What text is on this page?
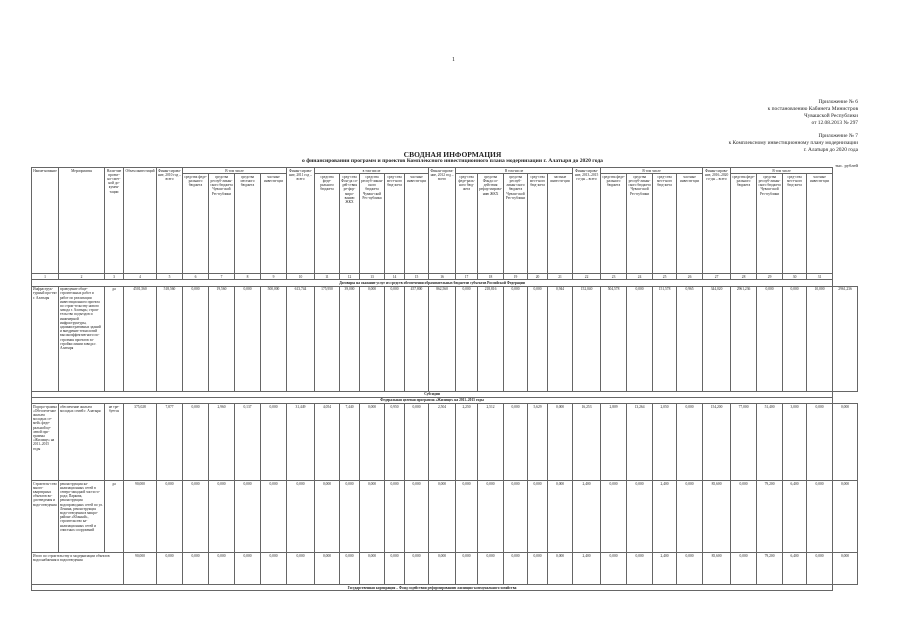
1
Приложение № 6
к постановлению Кабинета Министров
Чувашской Республики
от 12.08.2013 № 297
Приложение № 7
к Комплексному инвестиционному плану модернизации
г. Алатыря до 2020 года
СВОДНАЯ ИНФОРМАЦИЯ
о финансировании программ и проектов Комплексного инвестиционного плана модернизации г. Алатыря до 2020 года
тыс. рублей
Наиме-нование	Мероприятия	Нали-чие проект-но-смет-ной до-кумен-тации	Объем инвестиций	Финан-сирова-ние, 2010 год – всего	В том числе				Финан-сирова-ние, 2011 год – всего	в том числе					Финан-сирова-ние, 2012 год – всего	В том числе					Финан-сирова-ние, 2013–2015 го-ды – всего	В том числе				Финан-сирова-ние, 2016–2020 го-ды – всего	В том числе				
					средства феде-рального бюджета	средства респуб-ликан-ского бюджета Чуваш-ской Рес-публики	средства местного бюджета	частные инвести-ции		средства феде-рального бюджета	сред-ства Фон-да со-дей-ствия ре-фор-миро-ванию ЖКХ	средства респуб-ликан-ского бюджета Чуваш-ской Рес-публики	сред-ства мест-ного бюд-жета	частные инвести-ции		сред-ства феде-раль-ного бюд-жета	средства Фонда со-действия рефор-мирова-нию ЖКХ	средства респуб-ликан-ского бюджета Чуваш-ской Рес-публики	сред-ства мест-ного бюд-жета	частные инвести-ции		средства феде-рального бюджета	средства респуб-ликан-ского бюджета Чуваш-ской Рес-публики	сред-ства мест-ного бюд-жета	частные инвести-ции		средства феде-рального бюджета	средства респуб-ликан-ского бюджета Чуваш-ской Рес-публики	сред-ства мест-ного бюд-жета	частные инвести-ции	
1	2	3	4	5	6	7	8	9	10	11	12	13	14	15	16	17	18	19	20	21	22	23	24	25	26	27	28	29	30	31	
Договоры на оказание услуг из средств обеспечения образовательных бюджетов субъектов Российской Федерации																															
Инфраструк-турный про-ект г. Алатыря	проведение обще-строительных работ и работ по реализации инвестиционного проекта по строи-тельству нового завода г. Алатырь; строи-тельство подъездов и инженерной инфраструктуры, административных зданий и внедрение технологий высокоэффектив-ного по-строения проектов за-стройки линии завода г. Алатыря	да	4501,560	518,560	0,000	19,560	0,000	500,000	613,744	175,950	39,000	0,000	0,000	457,800	862,560	0,000	218,816	0,000	0,000	0,944	152,040	504,578	0,000	151,578	0,965	344,020	2961,236	0,000	0,000	10,000	2961,236
Субсидии																															
Федеральная целевая программа «Жилище» на 2011–2015 годы																															
Подпро-грамма «Обеспече-ние жильем молодых се-мей» феде-ральной це-левой про-граммы «Жилище» на 2011–2015 годы	обеспечение жильем молодых семей г. Алатыря	не тре-буется	375,028	7,877	0,000	2,960	0,137	0,000	31,449	4,054	7,440	0,000	0,950	0,000	2,504	2,250	2,512	0,000	5,629	0,000	16,253	2,809	13,264	2,050	0,000	154,200	77,000	51,400	3,000	0,000	0,000
Строитель-ство много-квартирных объектов во-доотведения и водо-отведения	реконструкция ка-нализационных сетей в северо-западной части го-рода; Паркова, реконструкция водопроводных сетей по ул. Ленина, реконструкция водо-отведения в микро-районе «Южный», строительство ка-нализационных сетей и очистных сооружений	да	90,000	0,000	0,000	0,000	0,000	0,000	0,000	0,000	0,000	0,000	0,000	0,000	0,000	0,000	0,000	0,000	0,000	0,000	2,400	0,000	0,000	2,400	0,000	85,600	0,000	79,200	6,400	0,000	0,000
Итого по строительству и модернизации объектов водоснабжения и водоотведения			90,000	0,000	0,000	0,000	0,000	0,000	0,000	0,000	0,000	0,000	0,000	0,000	0,000	0,000	0,000	0,000	0,000	0,000	2,400	0,000	0,000	2,400	0,000	85,600	0,000	79,200	6,400	0,000	0,000
Государственная корпорация – Фонд содействия реформированию жилищно-коммунального хозяйства																															
